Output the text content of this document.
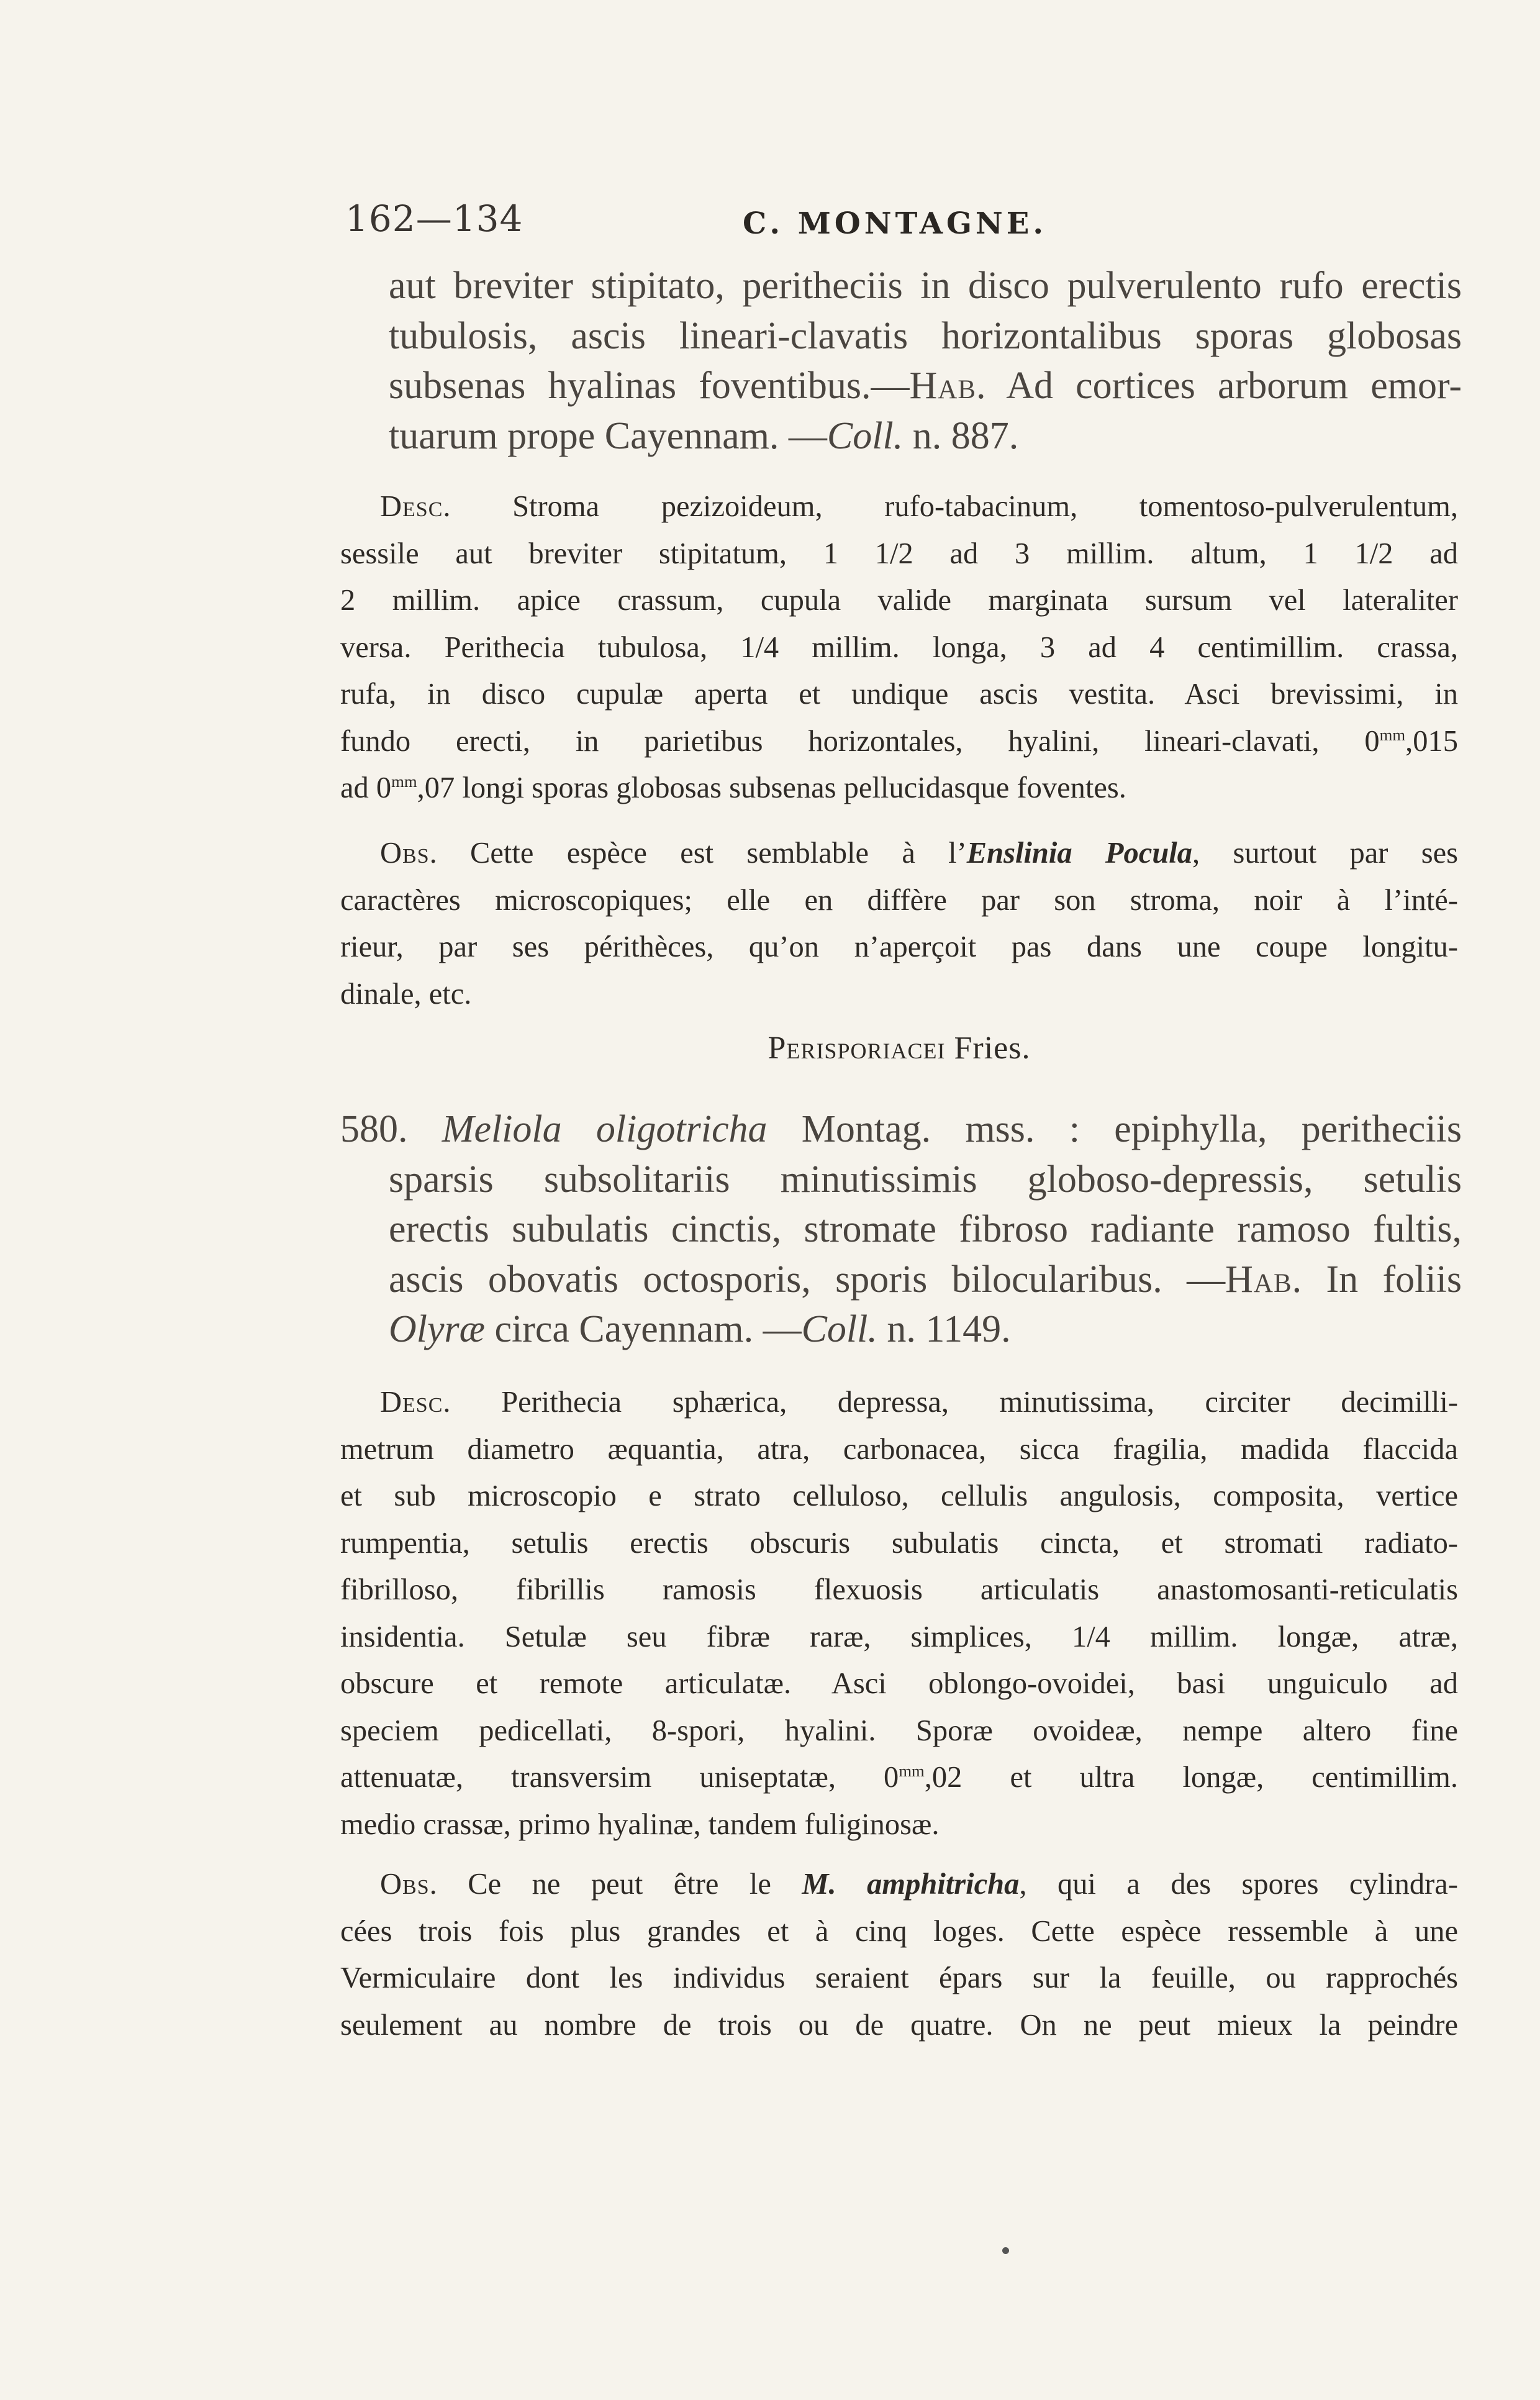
162—134	C. MONTAGNE.
aut breviter stipitato, peritheciis in disco pulverulento rufo erectis
tubulosis, ascis lineari-clavatis horizontalibus sporas globosas
subsenas hyalinas foventibus.—Hab. Ad cortices arborum emor-
tuarum prope Cayennam. —Coll. n. 887.
Desc. Stroma pezizoideum, rufo-tabacinum, tomentoso-pulverulentum,
sessile aut breviter stipitatum, 1 1/2 ad 3 millim. altum, 1 1/2 ad
2 millim. apice crassum, cupula valide marginata sursum vel lateraliter
versa. Perithecia tubulosa, 1/4 millim. longa, 3 ad 4 centimillim. crassa,
rufa, in disco cupulæ aperta et undique ascis vestita. Asci brevissimi, in
fundo erecti, in parietibus horizontales, hyalini, lineari-clavati, $0^{mm},015$
ad $0^{mm},07$ longi sporas globosas subsenas pellucidasque foventes.
Obs. Cette espèce est semblable à l’Enslinia Pocula, surtout par ses
caractères microscopiques; elle en diffère par son stroma, noir à l’inté-
rieur, par ses périthèces, qu’on n’aperçoit pas dans une coupe longitu-
dinale, etc.
Perisporiacei Fries.
580. Meliola oligotricha Montag. mss. : epiphylla, peritheciis
sparsis subsolitariis minutissimis globoso-depressis, setulis
erectis subulatis cinctis, stromate fibroso radiante ramoso fultis,
ascis obovatis octosporis, sporis bilocularibus. —Hab. In foliis
Olyræ circa Cayennam. —Coll. n. 1149.
Desc. Perithecia sphærica, depressa, minutissima, circiter decimilli-
metrum diametro æquantia, atra, carbonacea, sicca fragilia, madida flaccida
et sub microscopio e strato celluloso, cellulis angulosis, composita, vertice
rumpentia, setulis erectis obscuris subulatis cincta, et stromati radiato-
fibrilloso, fibrillis ramosis flexuosis articulatis anastomosanti-reticulatis
insidentia. Setulæ seu fibræ raræ, simplices, 1/4 millim. longæ, atræ,
obscure et remote articulatæ. Asci oblongo-ovoidei, basi unguiculo ad
speciem pedicellati, 8-spori, hyalini. Sporæ ovoideæ, nempe altero fine
attenuatæ, transversim uniseptatæ, $0^{mm},02$ et ultra longæ, centimillim.
medio crassæ, primo hyalinæ, tandem fuliginosæ.
Obs. Ce ne peut être le M. amphitricha, qui a des spores cylindra-
cées trois fois plus grandes et à cinq loges. Cette espèce ressemble à une
Vermiculaire dont les individus seraient épars sur la feuille, ou rapprochés
seulement au nombre de trois ou de quatre. On ne peut mieux la peindre
